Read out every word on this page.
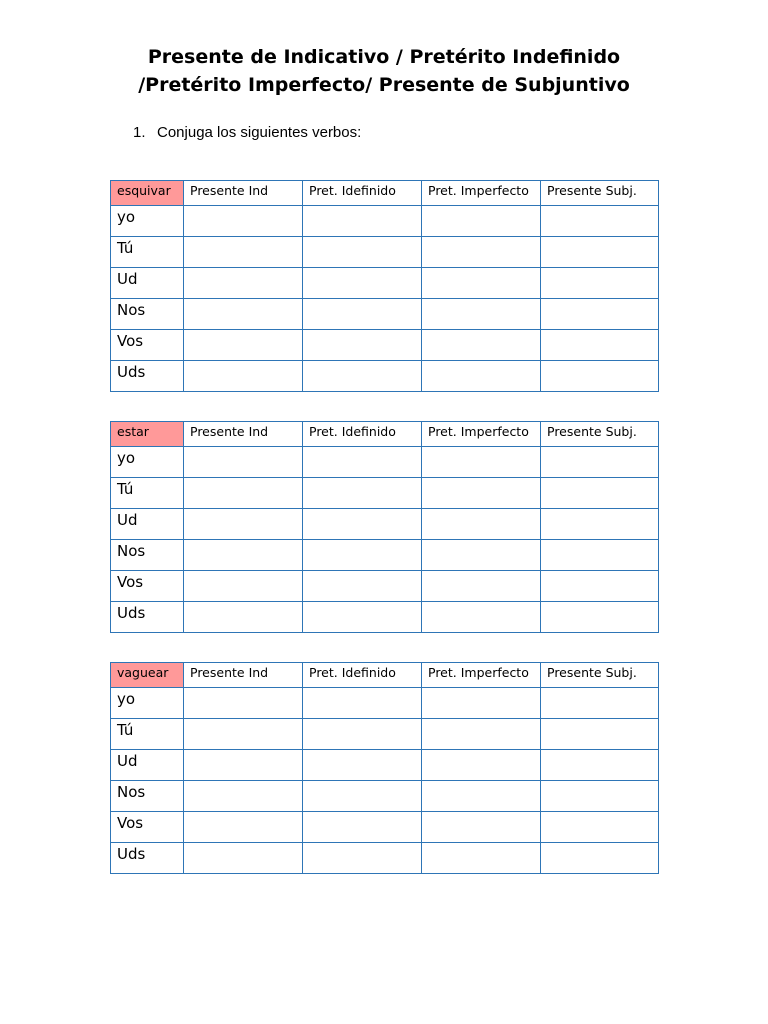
Presente de Indicativo / Pretérito Indefinido /Pretérito Imperfecto/ Presente de Subjuntivo

1. Conjuga los siguientes verbos:

esquivar	Presente Ind	Pret. Idefinido	Pret. Imperfecto	Presente Subj.
yo				
Tú				
Ud				
Nos				
Vos				
Uds				
estar	Presente Ind	Pret. Idefinido	Pret. Imperfecto	Presente Subj.
yo				
Tú				
Ud				
Nos				
Vos				
Uds				
vaguear	Presente Ind	Pret. Idefinido	Pret. Imperfecto	Presente Subj.
yo				
Tú				
Ud				
Nos				
Vos				
Uds				
